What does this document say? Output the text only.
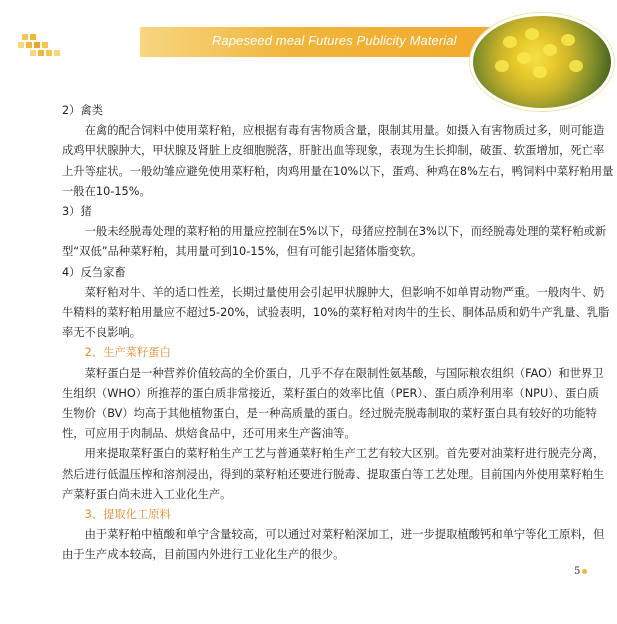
Rapeseed meal Futures Publicity Material
2）禽类
　　在禽的配合饲料中使用菜籽粕，应根据有毒有害物质含量，限制其用量。如摄入有害物质过多，则可能造
成鸡甲状腺肿大，甲状腺及肾脏上皮细胞脱落，肝脏出血等现象，表现为生长抑制，破蛋、软蛋增加，死亡率
上升等症状。一般幼雏应避免使用菜籽粕，肉鸡用量在10%以下，蛋鸡、种鸡在8%左右，鸭饲料中菜籽粕用量
一般在10-15%。
3）猪
　　一般未经脱毒处理的菜籽粕的用量应控制在5%以下，母猪应控制在3%以下，而经脱毒处理的菜籽粕或新
型“双低”品种菜籽粕，其用量可到10-15%，但有可能引起猪体脂变软。
4）反刍家畜
　　菜籽粕对牛、羊的适口性差，长期过量使用会引起甲状腺肿大，但影响不如单胃动物严重。一般肉牛、奶
牛精料的菜籽粕用量应不超过5-20%，试验表明，10%的菜籽粕对肉牛的生长、胴体品质和奶牛产乳量、乳脂
率无不良影响。
　　2、生产菜籽蛋白
　　菜籽蛋白是一种营养价值较高的全价蛋白，几乎不存在限制性氨基酸，与国际粮农组织（FAO）和世界卫
生组织（WHO）所推荐的蛋白质非常接近，菜籽蛋白的效率比值（PER）、蛋白质净利用率（NPU）、蛋白质
生物价（BV）均高于其他植物蛋白，是一种高质量的蛋白。经过脱壳脱毒制取的菜籽蛋白具有较好的功能特
性，可应用于肉制品、烘焙食品中，还可用来生产酱油等。
　　用来提取菜籽蛋白的菜籽粕生产工艺与普通菜籽粕生产工艺有较大区别。首先要对油菜籽进行脱壳分离，
然后进行低温压榨和溶剂浸出，得到的菜籽粕还要进行脱毒、提取蛋白等工艺处理。目前国内外使用菜籽粕生
产菜籽蛋白尚未进入工业化生产。
　　3、提取化工原料
　　由于菜籽粕中植酸和单宁含量较高，可以通过对菜籽粕深加工，进一步提取植酸钙和单宁等化工原料，但
由于生产成本较高，目前国内外进行工业化生产的很少。
5
